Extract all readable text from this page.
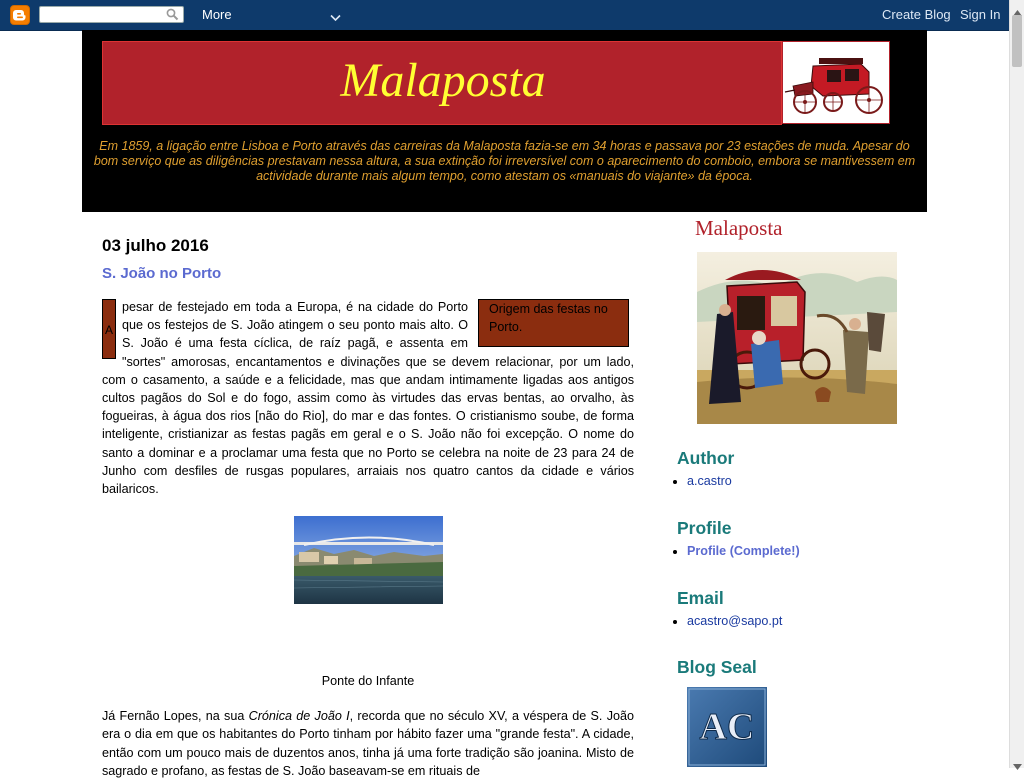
More	Create Blog Sign In
Malaposta
Em 1859, a ligação entre Lisboa e Porto através das carreiras da Malaposta fazia-se em 34 horas e passava por 23 estações de muda. Apesar do bom serviço que as diligências prestavam nessa altura, a sua extinção foi irreversível com o aparecimento do comboio, embora se mantivessem em actividade durante mais algum tempo, como atestam os «manuais do viajante» da época.
03 julho 2016
S. João no Porto
A
Origem das festas no Porto.
pesar de festejado em toda a Europa, é na cidade do Porto que os festejos de S. João atingem o seu ponto mais alto. O S. João é uma festa cíclica, de raíz pagã, e assenta em "sortes" amorosas, encantamentos e divinações que se devem relacionar, por um lado, com o casamento, a saúde e a felicidade, mas que andam intimamente ligadas aos antigos cultos pagãos do Sol e do fogo, assim como às virtudes das ervas bentas, ao orvalho, às fogueiras, à água dos rios [não do Rio], do mar e das fontes. O cristianismo soube, de forma inteligente, cristianizar as festas pagãs em geral e o S. João não foi excepção. O nome do santo a dominar e a proclamar uma festa que no Porto se celebra na noite de 23 para 24 de Junho com desfiles de rusgas populares, arraiais nos quatro cantos da cidade e vários bailaricos.
Ponte do Infante
Já Fernão Lopes, na sua Crónica de João I, recorda que no século XV, a véspera de S. João era o dia em que os habitantes do Porto tinham por hábito fazer uma "grande festa". A cidade, então com um pouco mais de duzentos anos, tinha já uma forte tradição são joanina. Misto de sagrado e profano, as festas de S. João baseavam-se em rituais de
Malaposta
Author
• a.castro
Profile
• Profile (Complete!)
Email
• acastro@sapo.pt
Blog Seal
AC
